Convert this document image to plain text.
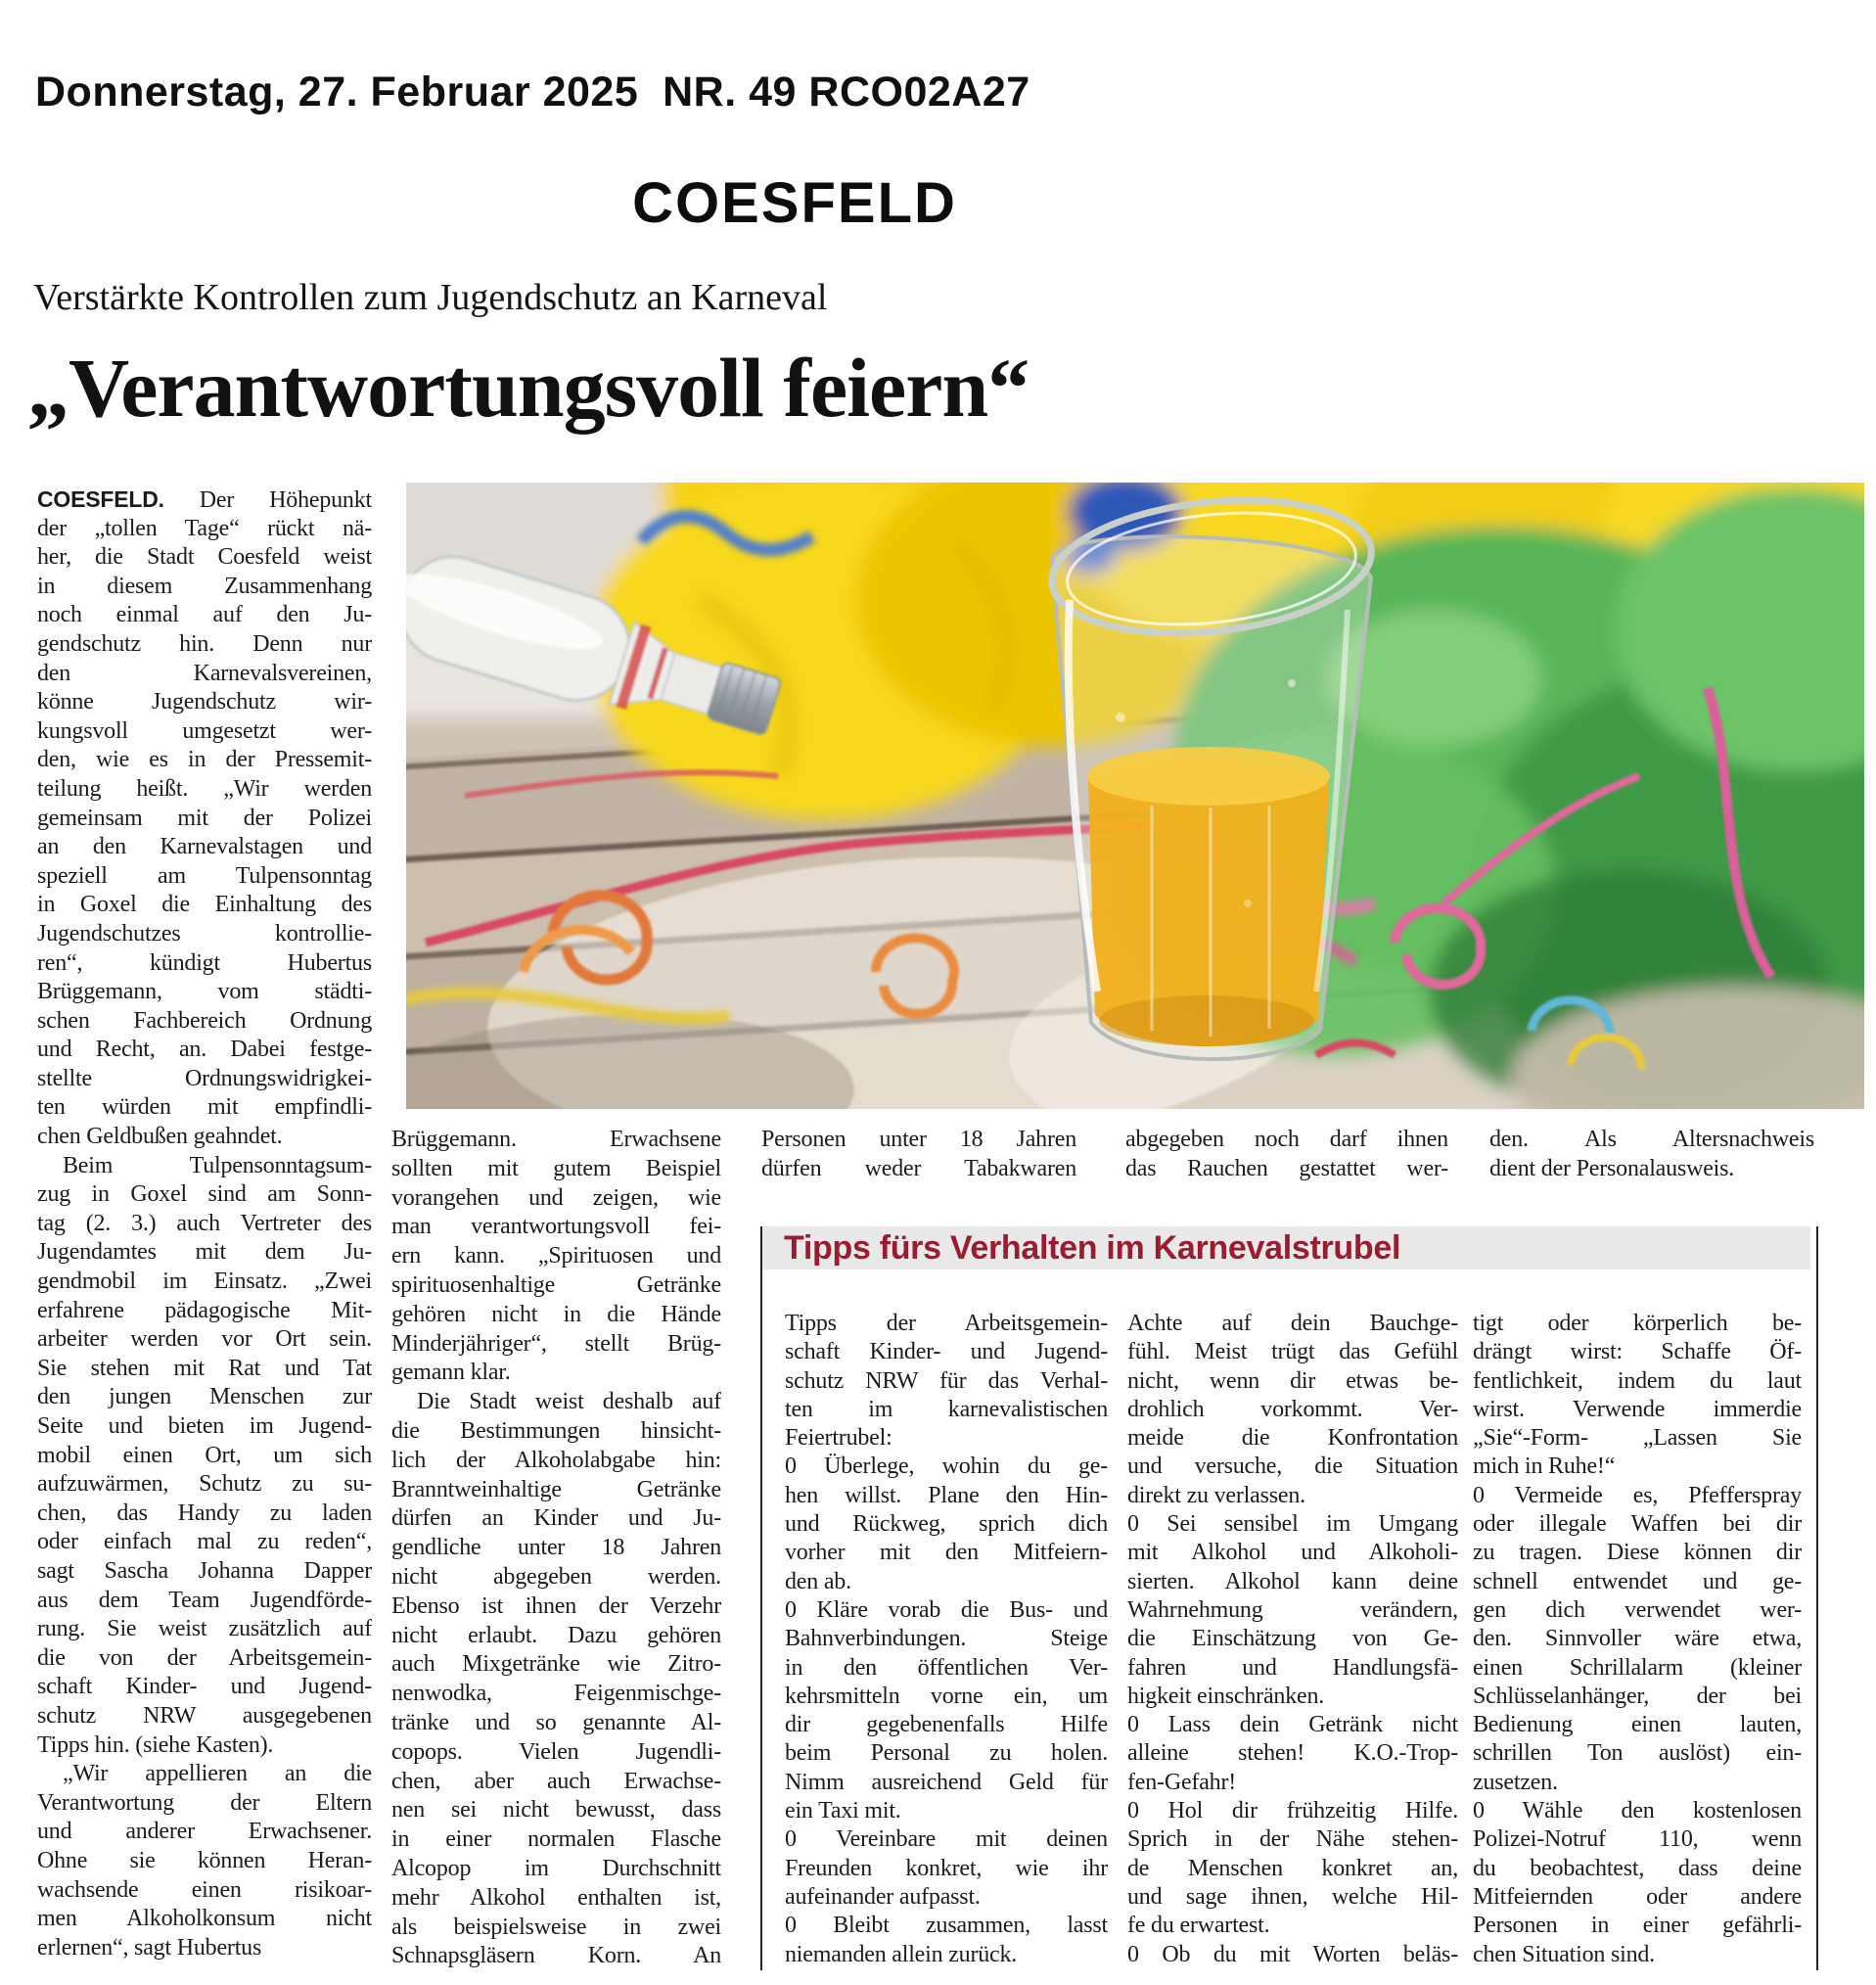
Donnerstag, 27. Februar 2025  NR. 49 RCO02A27
COESFELD
Verstärkte Kontrollen zum Jugendschutz an Karneval
„Verantwortungsvoll feiern“
COESFELD. Der Höhepunkt
der „tollen Tage“ rückt nä-
her, die Stadt Coesfeld weist
in diesem Zusammenhang
noch einmal auf den Ju-
gendschutz hin. Denn nur
den Karnevalsvereinen,
könne Jugendschutz wir-
kungsvoll umgesetzt wer-
den, wie es in der Pressemit-
teilung heißt. „Wir werden
gemeinsam mit der Polizei
an den Karnevalstagen und
speziell am Tulpensonntag
in Goxel die Einhaltung des
Jugendschutzes kontrollie-
ren“, kündigt Hubertus
Brüggemann, vom städti-
schen Fachbereich Ordnung
und Recht, an. Dabei festge-
stellte Ordnungswidrigkei-
ten würden mit empfindli-
chen Geldbußen geahndet.
Beim Tulpensonntagsum-
zug in Goxel sind am Sonn-
tag (2. 3.) auch Vertreter des
Jugendamtes mit dem Ju-
gendmobil im Einsatz. „Zwei
erfahrene pädagogische Mit-
arbeiter werden vor Ort sein.
Sie stehen mit Rat und Tat
den jungen Menschen zur
Seite und bieten im Jugend-
mobil einen Ort, um sich
aufzuwärmen, Schutz zu su-
chen, das Handy zu laden
oder einfach mal zu reden“,
sagt Sascha Johanna Dapper
aus dem Team Jugendförde-
rung. Sie weist zusätzlich auf
die von der Arbeitsgemein-
schaft Kinder- und Jugend-
schutz NRW ausgegebenen
Tipps hin. (siehe Kasten).
„Wir appellieren an die
Verantwortung der Eltern
und anderer Erwachsener.
Ohne sie können Heran-
wachsende einen risikoar-
men Alkoholkonsum nicht
erlernen“, sagt Hubertus
Brüggemann. Erwachsene
sollten mit gutem Beispiel
vorangehen und zeigen, wie
man verantwortungsvoll fei-
ern kann. „Spirituosen und
spirituosenhaltige Getränke
gehören nicht in die Hände
Minderjähriger“, stellt Brüg-
gemann klar.
Die Stadt weist deshalb auf
die Bestimmungen hinsicht-
lich der Alkoholabgabe hin:
Branntweinhaltige Getränke
dürfen an Kinder und Ju-
gendliche unter 18 Jahren
nicht abgegeben werden.
Ebenso ist ihnen der Verzehr
nicht erlaubt. Dazu gehören
auch Mixgetränke wie Zitro-
nenwodka, Feigenmischge-
tränke und so genannte Al-
copops. Vielen Jugendli-
chen, aber auch Erwachse-
nen sei nicht bewusst, dass
in einer normalen Flasche
Alcopop im Durchschnitt
mehr Alkohol enthalten ist,
als beispielsweise in zwei
Schnapsgläsern Korn. An
Personen unter 18 Jahren
dürfen weder Tabakwaren
abgegeben noch darf ihnen
das Rauchen gestattet wer-
den. Als Altersnachweis
dient der Personalausweis.
Tipps fürs Verhalten im Karnevalstrubel
Tipps der Arbeitsgemein-
schaft Kinder- und Jugend-
schutz NRW für das Verhal-
ten im karnevalistischen
Feiertrubel:
0 Überlege, wohin du ge-
hen willst. Plane den Hin-
und Rückweg, sprich dich
vorher mit den Mitfeiern-
den ab.
0 Kläre vorab die Bus- und
Bahnverbindungen. Steige
in den öffentlichen Ver-
kehrsmitteln vorne ein, um
dir gegebenenfalls Hilfe
beim Personal zu holen.
Nimm ausreichend Geld für
ein Taxi mit.
0 Vereinbare mit deinen
Freunden konkret, wie ihr
aufeinander aufpasst.
0 Bleibt zusammen, lasst
niemanden allein zurück.
Achte auf dein Bauchge-
fühl. Meist trügt das Gefühl
nicht, wenn dir etwas be-
drohlich vorkommt. Ver-
meide die Konfrontation
und versuche, die Situation
direkt zu verlassen.
0 Sei sensibel im Umgang
mit Alkohol und Alkoholi-
sierten. Alkohol kann deine
Wahrnehmung verändern,
die Einschätzung von Ge-
fahren und Handlungsfä-
higkeit einschränken.
0 Lass dein Getränk nicht
alleine stehen! K.O.-Trop-
fen-Gefahr!
0 Hol dir frühzeitig Hilfe.
Sprich in der Nähe stehen-
de Menschen konkret an,
und sage ihnen, welche Hil-
fe du erwartest.
0 Ob du mit Worten beläs-
tigt oder körperlich be-
drängt wirst: Schaffe Öf-
fentlichkeit, indem du laut
wirst. Verwende immerdie
„Sie“-Form- „Lassen Sie
mich in Ruhe!“
0 Vermeide es, Pfefferspray
oder illegale Waffen bei dir
zu tragen. Diese können dir
schnell entwendet und ge-
gen dich verwendet wer-
den. Sinnvoller wäre etwa,
einen Schrillalarm (kleiner
Schlüsselanhänger, der bei
Bedienung einen lauten,
schrillen Ton auslöst) ein-
zusetzen.
0 Wähle den kostenlosen
Polizei-Notruf 110, wenn
du beobachtest, dass deine
Mitfeiernden oder andere
Personen in einer gefährli-
chen Situation sind.
